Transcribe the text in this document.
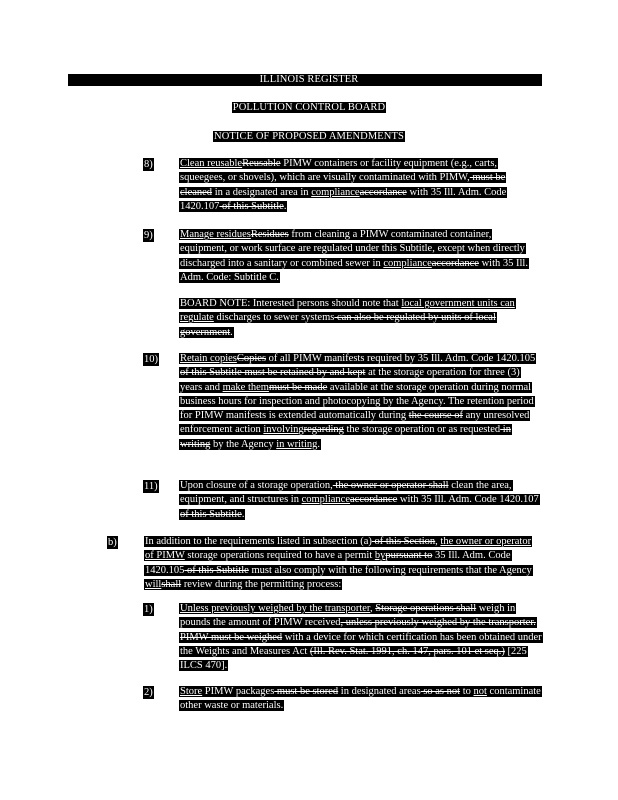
ILLINOIS REGISTER
POLLUTION CONTROL BOARD
NOTICE OF PROPOSED AMENDMENTS
8)	Clean reusableReusable PIMW containers or facility equipment (e.g., carts, squeegees, or shovels), which are visually contaminated with PIMW, must be cleaned in a designated area in complianceaccordance with 35 Ill. Adm. Code 1420.107 of this Subtitle.
9)	Manage residuesResidues from cleaning a PIMW contaminated container, equipment, or work surface are regulated under this Subtitle, except when directly discharged into a sanitary or combined sewer in complianceaccordance with 35 Ill. Adm. Code: Subtitle C.
BOARD NOTE: Interested persons should note that local government units can regulate discharges to sewer systems can also be regulated by units of local government.
10) Retain copiesCopies of all PIMW manifests required by 35 Ill. Adm. Code 1420.105 of this Subtitle must be retained by and kept at the storage operation for three (3) years and make themmust be made available at the storage operation during normal business hours for inspection and photocopying by the Agency. The retention period for PIMW manifests is extended automatically during the course of any unresolved enforcement action involvingregarding the storage operation or as requested in writing by the Agency in writing.
11) Upon closure of a storage operation, the owner or operator shall clean the area, equipment, and structures in complianceaccordance with 35 Ill. Adm. Code 1420.107 of this Subtitle.
b)	In addition to the requirements listed in subsection (a) of this Section, the owner or operator of PIMW storage operations required to have a permit bypursuant to 35 Ill. Adm. Code 1420.105 of this Subtitle must also comply with the following requirements that the Agency willshall review during the permitting process:
1)	Unless previously weighed by the transporter, Storage operations shall weigh in pounds the amount of PIMW received, unless previously weighed by the transporter. PIMW must be weighed with a device for which certification has been obtained under the Weights and Measures Act (Ill. Rev. Stat. 1991, ch. 147, pars. 101 et seq.) [225 ILCS 470].
2)	Store PIMW packages must be stored in designated areas so as not to not contaminate other waste or materials.
